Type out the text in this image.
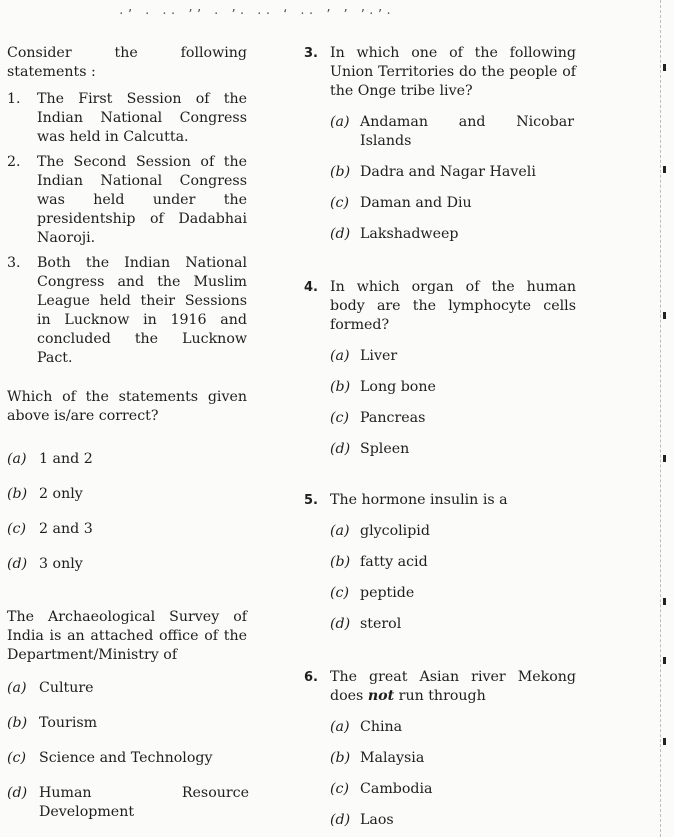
·’ · ·· ’’ · ’· ·· ‘ ·· ’ ’ ’·’·

Consider the following statements :

1. The First Session of the Indian National Congress was held in Calcutta.
2. The Second Session of the Indian National Congress was held under the presidentship of Dadabhai Naoroji.
3. Both the Indian National Congress and the Muslim League held their Sessions in Lucknow in 1916 and concluded the Lucknow Pact.

Which of the statements given above is/are correct?

(a) 1 and 2
(b) 2 only
(c) 2 and 3
(d) 3 only

The Archaeological Survey of India is an attached office of the Department/Ministry of

(a) Culture
(b) Tourism
(c) Science and Technology
(d) Human Resource Development
3. In which one of the following Union Territories do the people of the Onge tribe live?

(a) Andaman and Nicobar Islands
(b) Dadra and Nagar Haveli
(c) Daman and Diu
(d) Lakshadweep
4. In which organ of the human body are the lymphocyte cells formed?

(a) Liver
(b) Long bone
(c) Pancreas
(d) Spleen
5. The hormone insulin is a

(a) glycolipid
(b) fatty acid
(c) peptide
(d) sterol
6. The great Asian river Mekong does not run through

(a) China
(b) Malaysia
(c) Cambodia
(d) Laos
